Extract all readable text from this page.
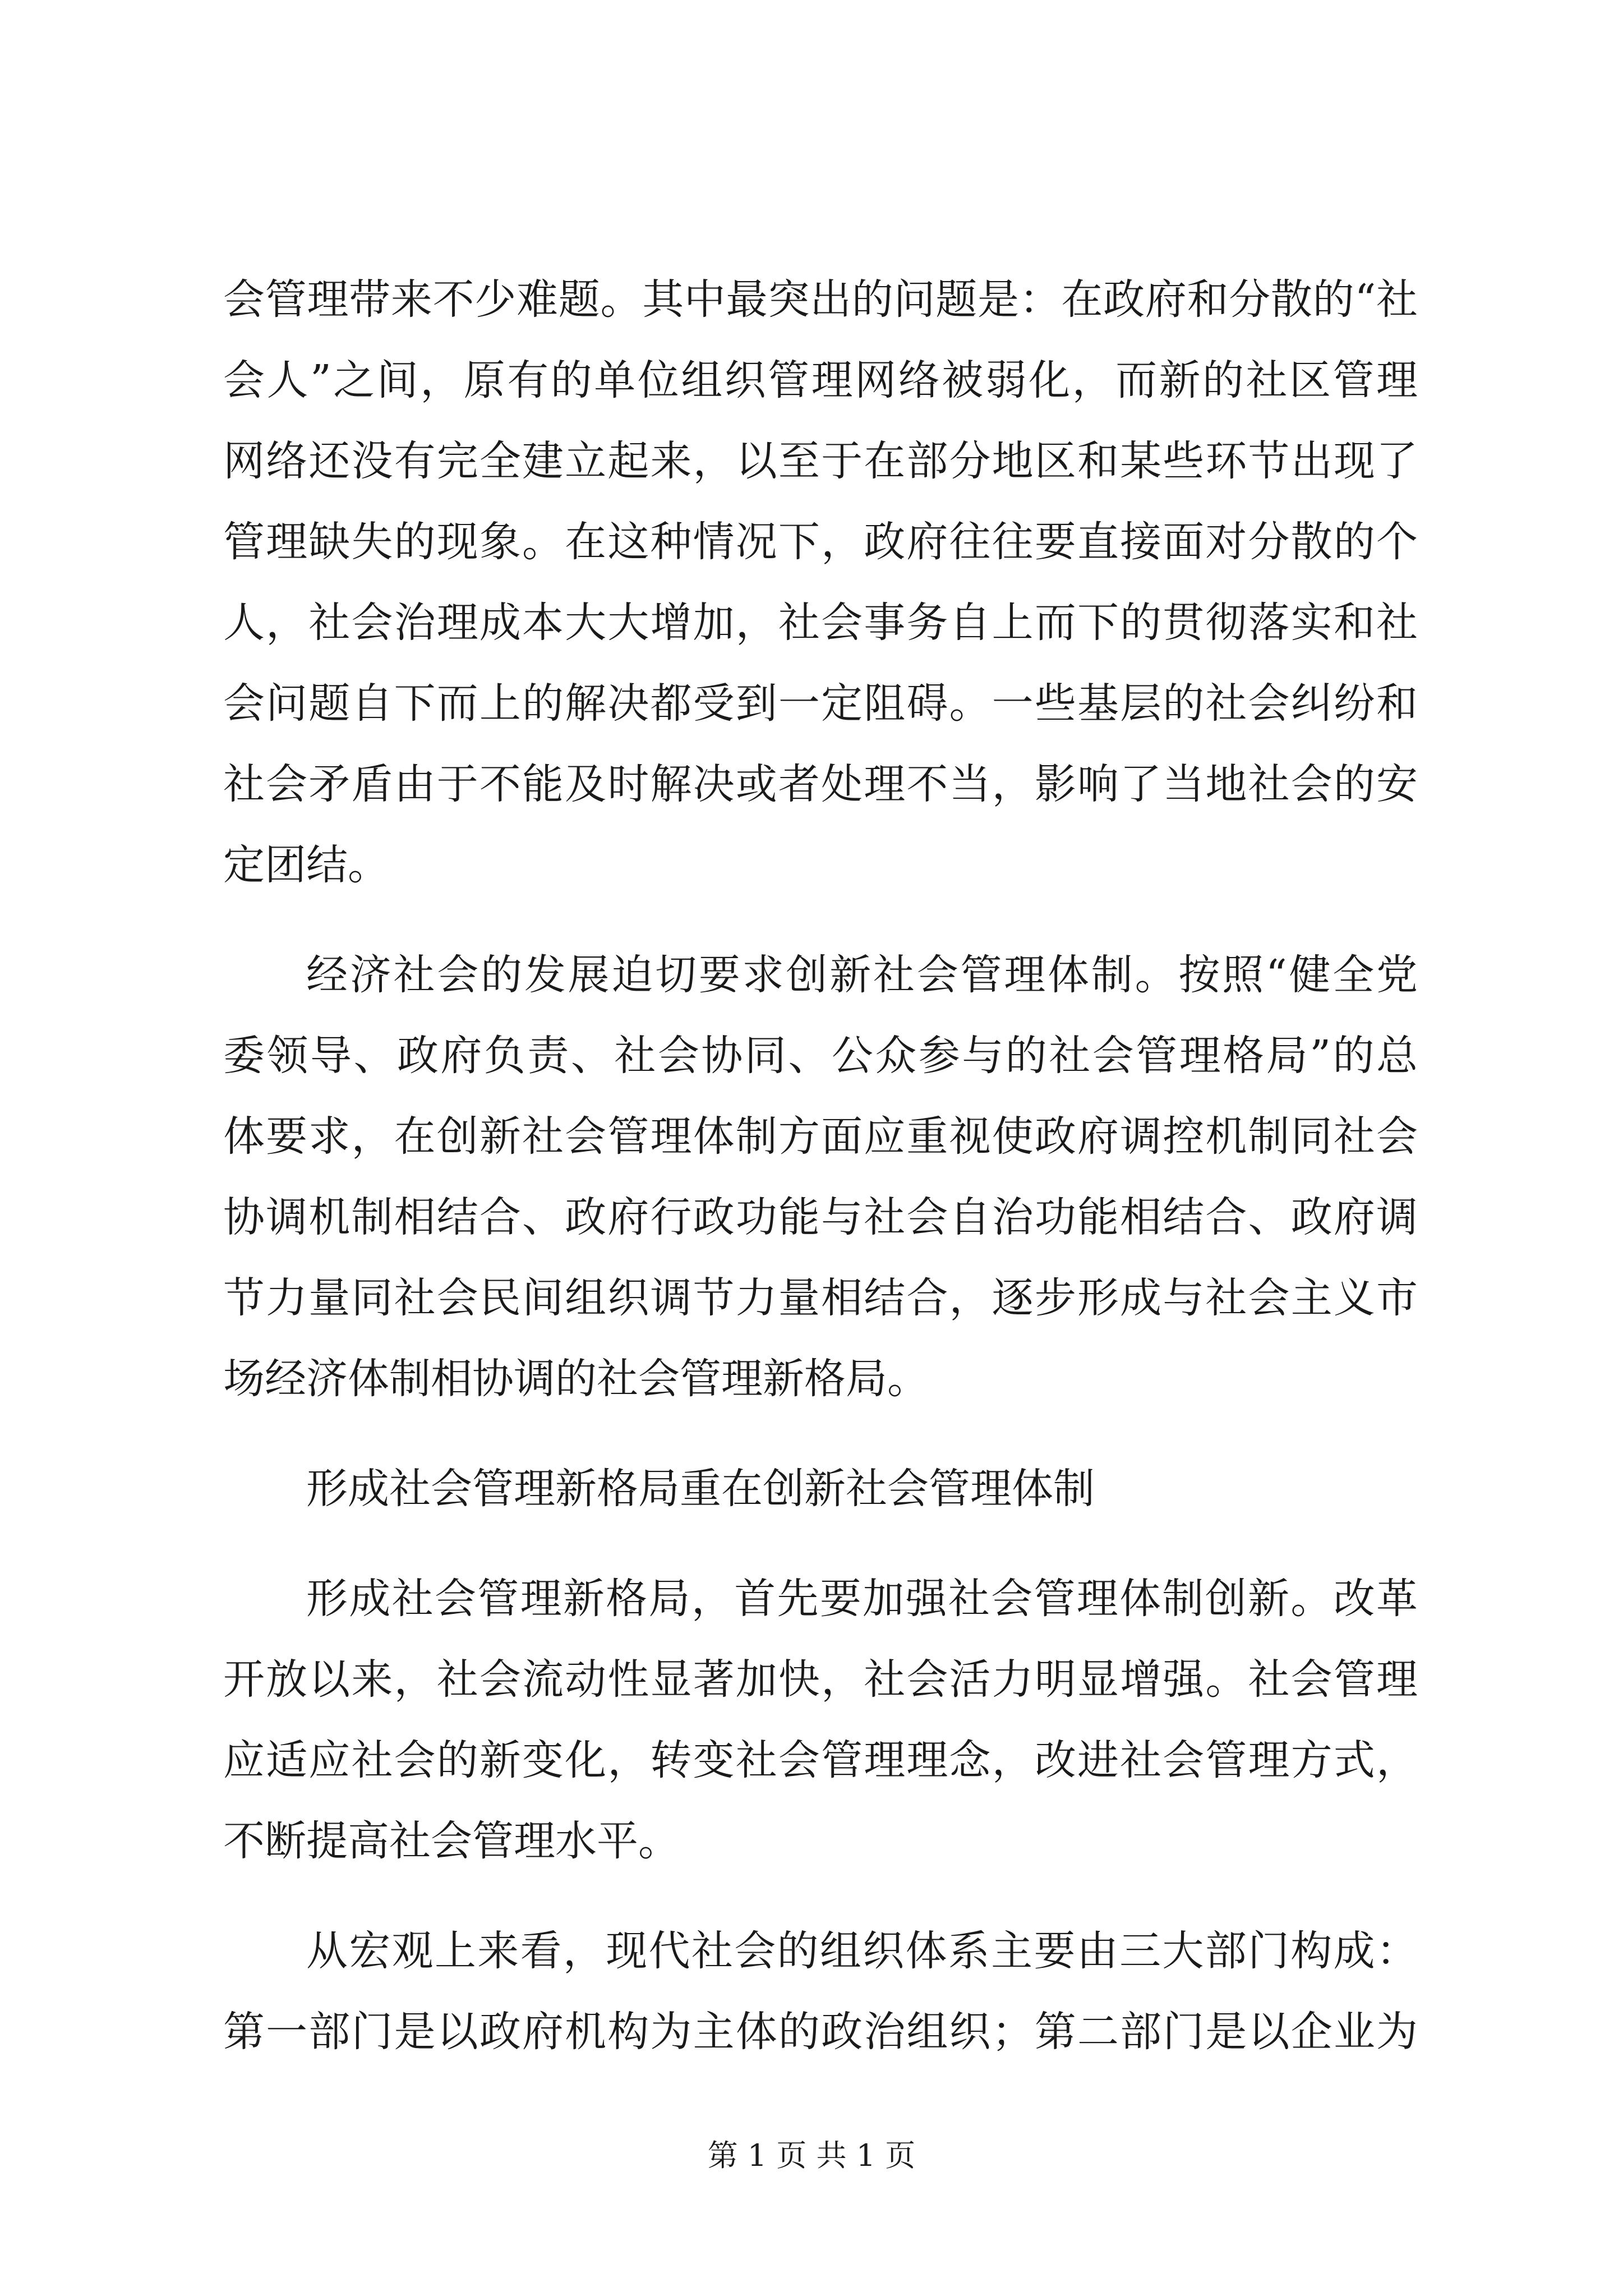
会管理带来不少难题。其中最突出的问题是：在政府和分散的“社
会人”之间，原有的单位组织管理网络被弱化，而新的社区管理
网络还没有完全建立起来，以至于在部分地区和某些环节出现了
管理缺失的现象。在这种情况下，政府往往要直接面对分散的个
人，社会治理成本大大增加，社会事务自上而下的贯彻落实和社
会问题自下而上的解决都受到一定阻碍。一些基层的社会纠纷和
社会矛盾由于不能及时解决或者处理不当，影响了当地社会的安
定团结。
经济社会的发展迫切要求创新社会管理体制。按照“健全党
委领导、政府负责、社会协同、公众参与的社会管理格局”的总
体要求，在创新社会管理体制方面应重视使政府调控机制同社会
协调机制相结合、政府行政功能与社会自治功能相结合、政府调
节力量同社会民间组织调节力量相结合，逐步形成与社会主义市
场经济体制相协调的社会管理新格局。
形成社会管理新格局重在创新社会管理体制
形成社会管理新格局，首先要加强社会管理体制创新。改革
开放以来，社会流动性显著加快，社会活力明显增强。社会管理
应适应社会的新变化，转变社会管理理念，改进社会管理方式，
不断提高社会管理水平。
从宏观上来看，现代社会的组织体系主要由三大部门构成：
第一部门是以政府机构为主体的政治组织；第二部门是以企业为
第 1 页 共 1 页
